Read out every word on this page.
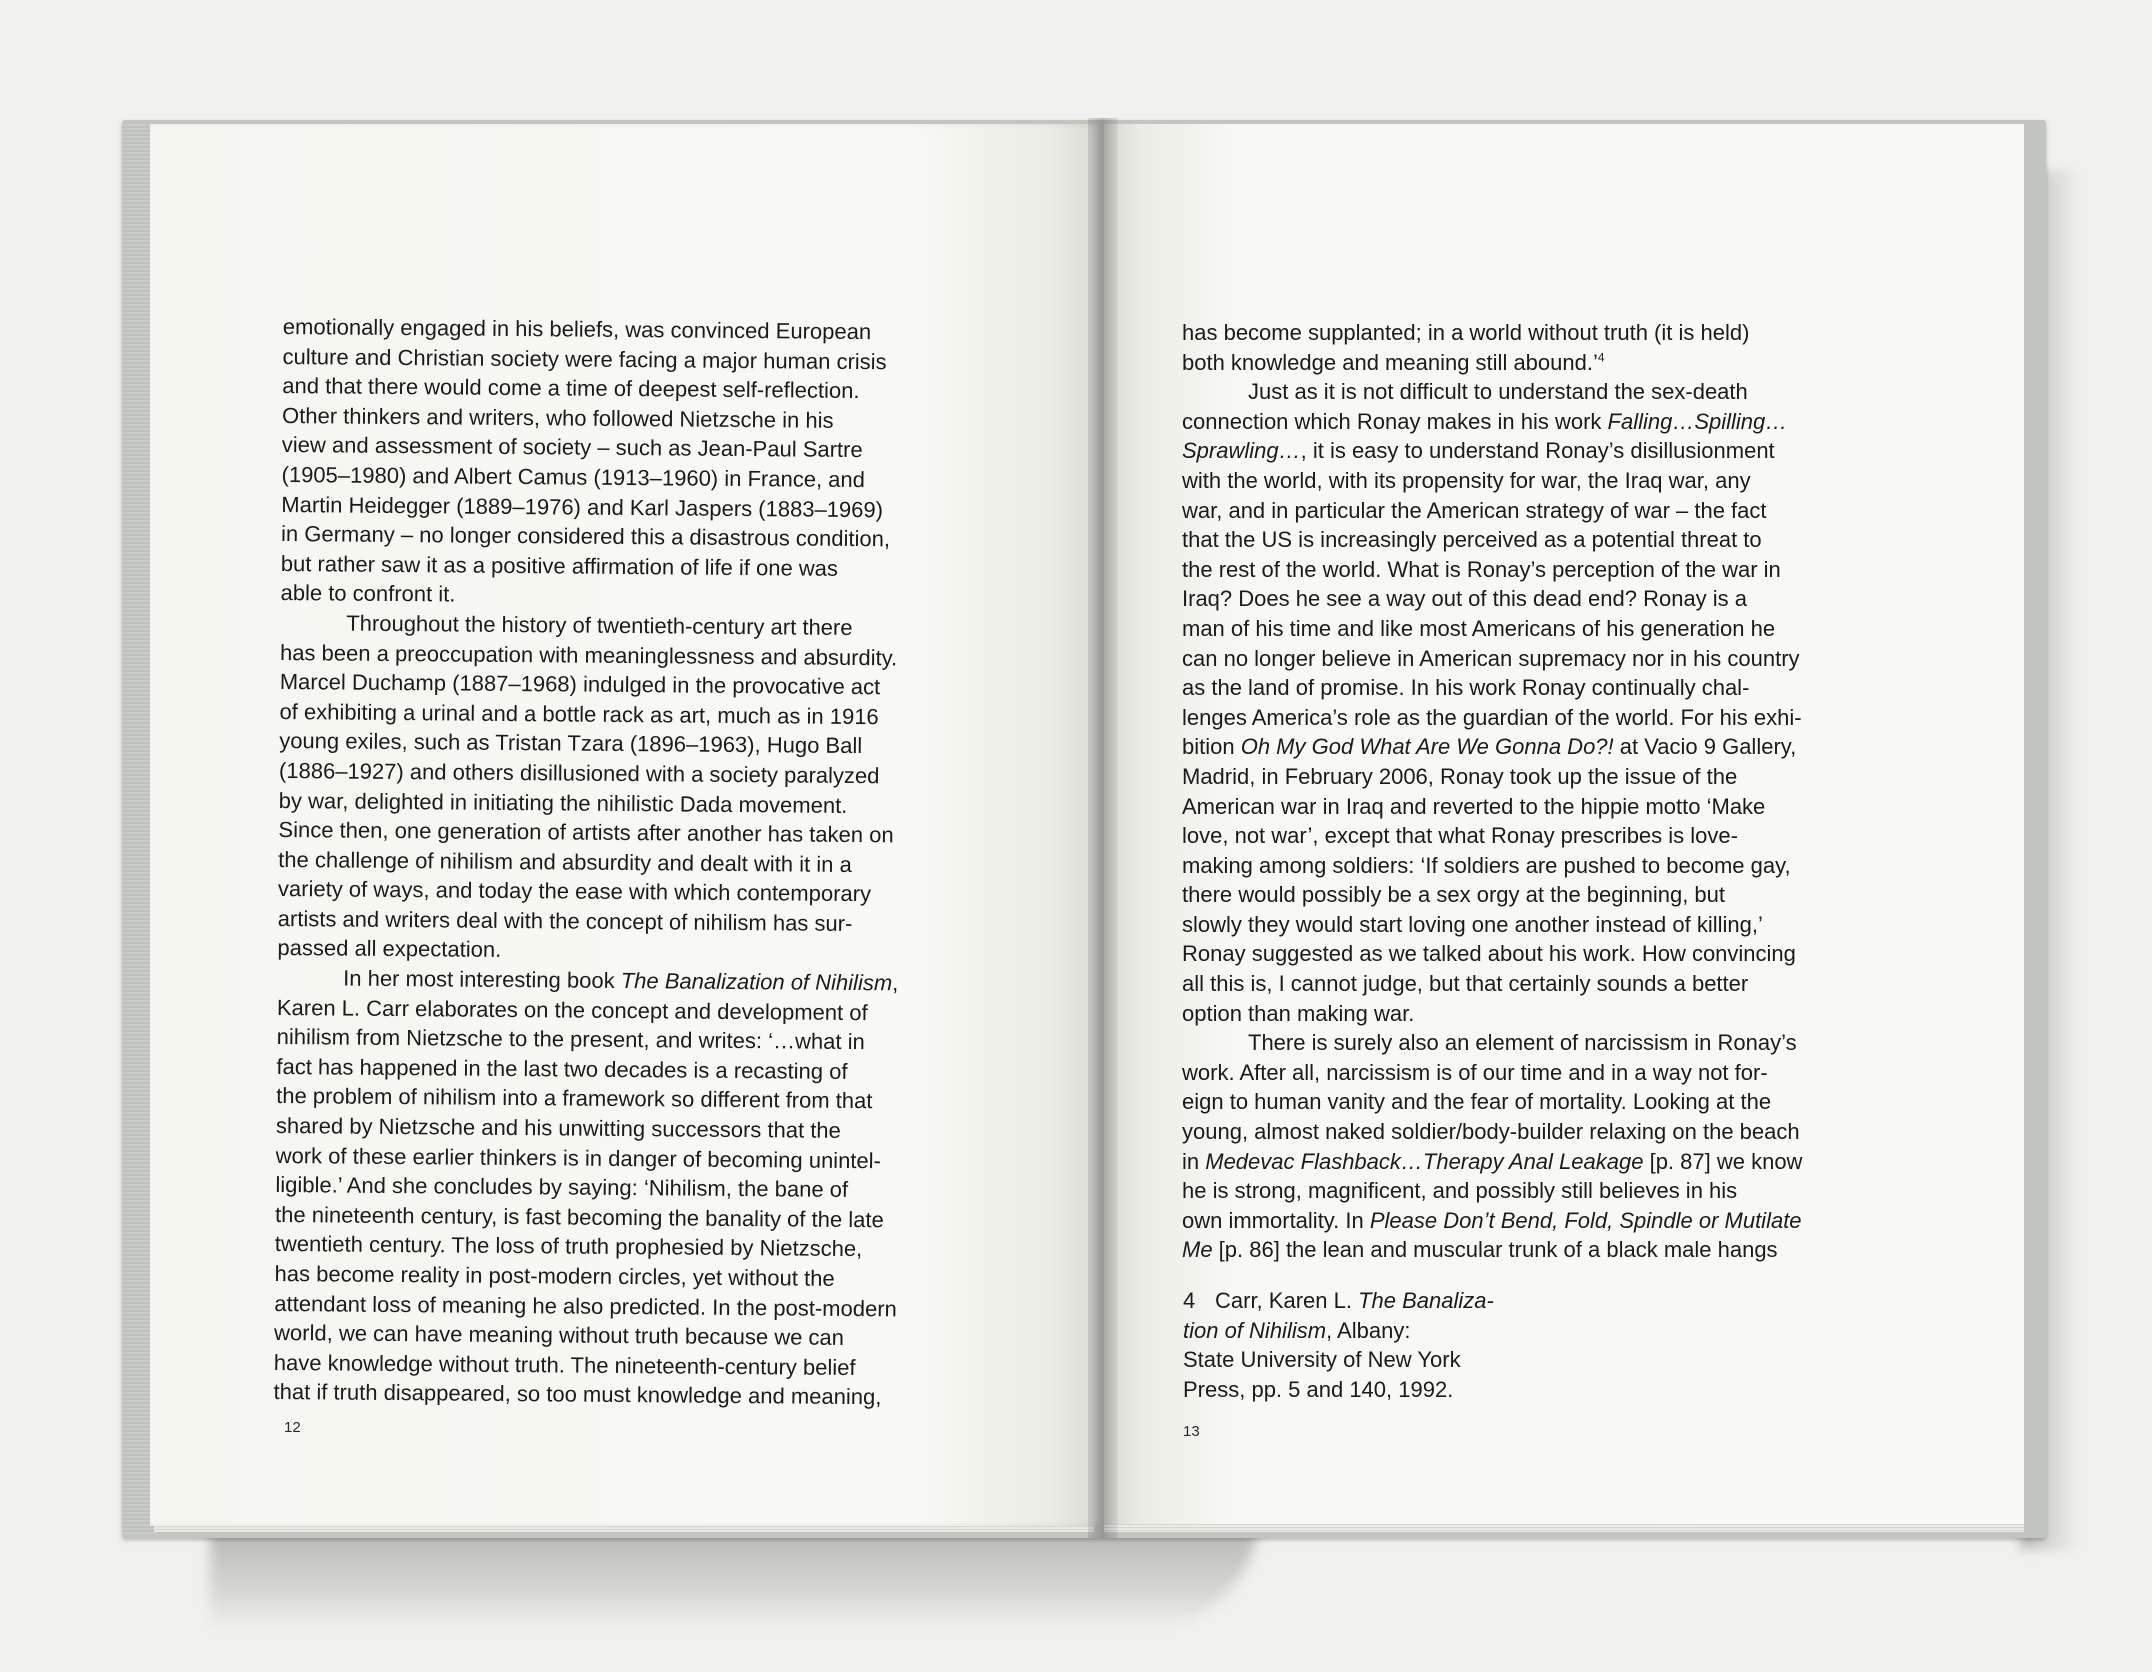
emotionally engaged in his beliefs, was convinced European
culture and Christian society were facing a major human crisis
and that there would come a time of deepest self-reflection.
Other thinkers and writers, who followed Nietzsche in his
view and assessment of society – such as Jean-Paul Sartre
(1905–1980) and Albert Camus (1913–1960) in France, and
Martin Heidegger (1889–1976) and Karl Jaspers (1883–1969)
in Germany – no longer considered this a disastrous condition,
but rather saw it as a positive affirmation of life if one was
able to confront it.

Throughout the history of twentieth-century art there
has been a preoccupation with meaninglessness and absurdity.
Marcel Duchamp (1887–1968) indulged in the provocative act
of exhibiting a urinal and a bottle rack as art, much as in 1916
young exiles, such as Tristan Tzara (1896–1963), Hugo Ball
(1886–1927) and others disillusioned with a society paralyzed
by war, delighted in initiating the nihilistic Dada movement.
Since then, one generation of artists after another has taken on
the challenge of nihilism and absurdity and dealt with it in a
variety of ways, and today the ease with which contemporary
artists and writers deal with the concept of nihilism has sur-
passed all expectation.

In her most interesting book The Banalization of Nihilism,
Karen L. Carr elaborates on the concept and development of
nihilism from Nietzsche to the present, and writes: ‘…what in
fact has happened in the last two decades is a recasting of
the problem of nihilism into a framework so different from that
shared by Nietzsche and his unwitting successors that the
work of these earlier thinkers is in danger of becoming unintel-
ligible.’ And she concludes by saying: ‘Nihilism, the bane of
the nineteenth century, is fast becoming the banality of the late
twentieth century. The loss of truth prophesied by Nietzsche,
has become reality in post-modern circles, yet without the
attendant loss of meaning he also predicted. In the post-modern
world, we can have meaning without truth because we can
have knowledge without truth. The nineteenth-century belief
that if truth disappeared, so too must knowledge and meaning,

12

has become supplanted; in a world without truth (it is held)
both knowledge and meaning still abound.’$^4$

Just as it is not difficult to understand the sex-death
connection which Ronay makes in his work Falling…Spilling…
Sprawling…, it is easy to understand Ronay’s disillusionment
with the world, with its propensity for war, the Iraq war, any
war, and in particular the American strategy of war – the fact
that the US is increasingly perceived as a potential threat to
the rest of the world. What is Ronay’s perception of the war in
Iraq? Does he see a way out of this dead end? Ronay is a
man of his time and like most Americans of his generation he
can no longer believe in American supremacy nor in his country
as the land of promise. In his work Ronay continually chal-
lenges America’s role as the guardian of the world. For his exhi-
bition Oh My God What Are We Gonna Do?! at Vacio 9 Gallery,
Madrid, in February 2006, Ronay took up the issue of the
American war in Iraq and reverted to the hippie motto ‘Make
love, not war’, except that what Ronay prescribes is love-
making among soldiers: ‘If soldiers are pushed to become gay,
there would possibly be a sex orgy at the beginning, but
slowly they would start loving one another instead of killing,’
Ronay suggested as we talked about his work. How convincing
all this is, I cannot judge, but that certainly sounds a better
option than making war.

There is surely also an element of narcissism in Ronay’s
work. After all, narcissism is of our time and in a way not for-
eign to human vanity and the fear of mortality. Looking at the
young, almost naked soldier/body-builder relaxing on the beach
in Medevac Flashback…Therapy Anal Leakage [p. 87] we know
he is strong, magnificent, and possibly still believes in his
own immortality. In Please Don’t Bend, Fold, Spindle or Mutilate
Me [p. 86] the lean and muscular trunk of a black male hangs

4 Carr, Karen L. The Banaliza-
tion of Nihilism, Albany:
State University of New York
Press, pp. 5 and 140, 1992.
13
